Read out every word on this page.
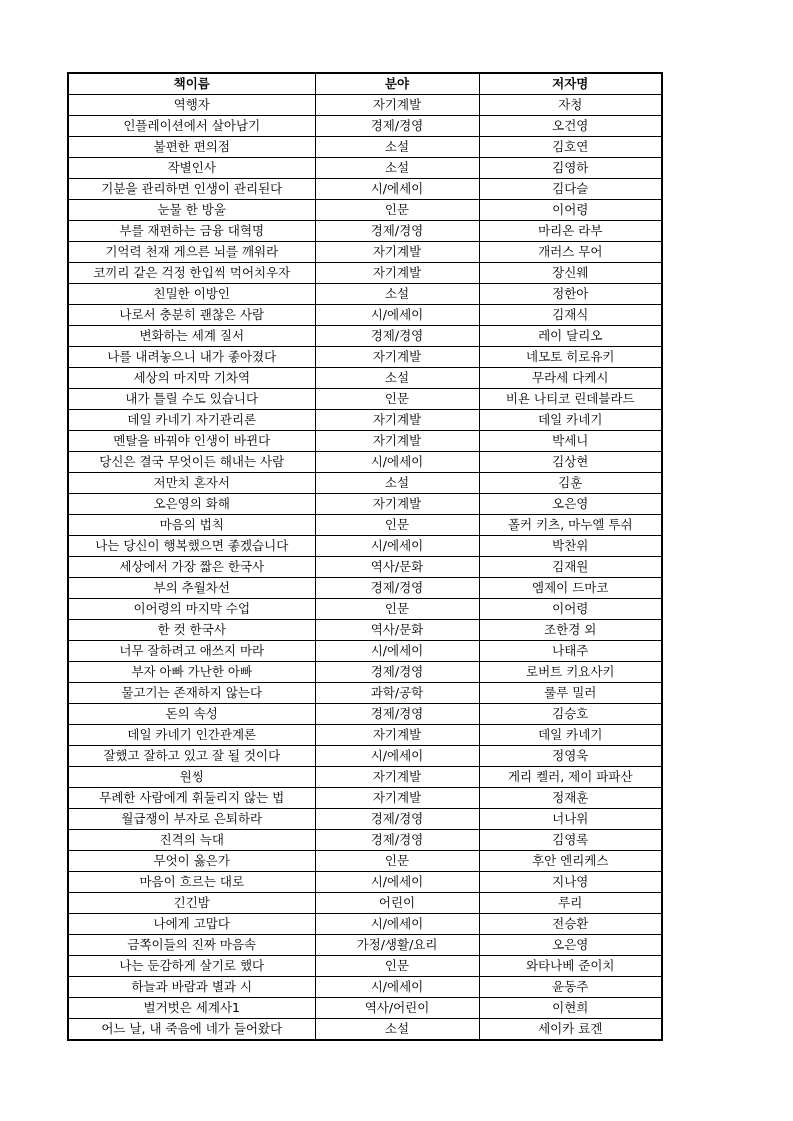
책이름	분야	저자명
역행자	자기계발	자청
인플레이션에서 살아남기	경제/경영	오건영
불편한 편의점	소설	김호연
작별인사	소설	김영하
기분을 관리하면 인생이 관리된다	시/에세이	김다슬
눈물 한 방울	인문	이어령
부를 재편하는 금융 대혁명	경제/경영	마리온 라부
기억력 천재 게으른 뇌를 깨워라	자기계발	개러스 무어
코끼리 같은 걱정 한입씩 먹어치우자	자기계발	장신웨
친밀한 이방인	소설	정한아
나로서 충분히 괜찮은 사람	시/에세이	김재식
변화하는 세계 질서	경제/경영	레이 달리오
나를 내려놓으니 내가 좋아졌다	자기계발	네모토 히로유키
세상의 마지막 기차역	소설	무라세 다케시
내가 틀릴 수도 있습니다	인문	비욘 나티코 린데블라드
데일 카네기 자기관리론	자기계발	데일 카네기
멘탈을 바꿔야 인생이 바뀐다	자기계발	박세니
당신은 결국 무엇이든 해내는 사람	시/에세이	김상현
저만치 혼자서	소설	김훈
오은영의 화해	자기계발	오은영
마음의 법칙	인문	폴커 키츠, 마누엘 투쉬
나는 당신이 행복했으면 좋겠습니다	시/에세이	박찬위
세상에서 가장 짧은 한국사	역사/문화	김재원
부의 추월차선	경제/경영	엠제이 드마코
이어령의 마지막 수업	인문	이어령
한 컷 한국사	역사/문화	조한경 외
너무 잘하려고 애쓰지 마라	시/에세이	나태주
부자 아빠 가난한 아빠	경제/경영	로버트 키요사키
물고기는 존재하지 않는다	과학/공학	룰루 밀러
돈의 속성	경제/경영	김승호
데일 카네기 인간관계론	자기계발	데일 카네기
잘했고 잘하고 있고 잘 될 것이다	시/에세이	정영욱
원씽	자기계발	게리 켈러, 제이 파파산
무례한 사람에게 휘둘리지 않는 법	자기계발	정재훈
월급쟁이 부자로 은퇴하라	경제/경영	너나위
진격의 늑대	경제/경영	김영록
무엇이 옳은가	인문	후안 엔리케스
마음이 흐르는 대로	시/에세이	지나영
긴긴밤	어린이	루리
나에게 고맙다	시/에세이	전승환
금쪽이들의 진짜 마음속	가정/생활/요리	오은영
나는 둔감하게 살기로 했다	인문	와타나베 준이치
하늘과 바람과 별과 시	시/에세이	윤동주
벌거벗은 세계사1	역사/어린이	이현희
어느 날, 내 죽음에 네가 들어왔다	소설	세이카 료겐
